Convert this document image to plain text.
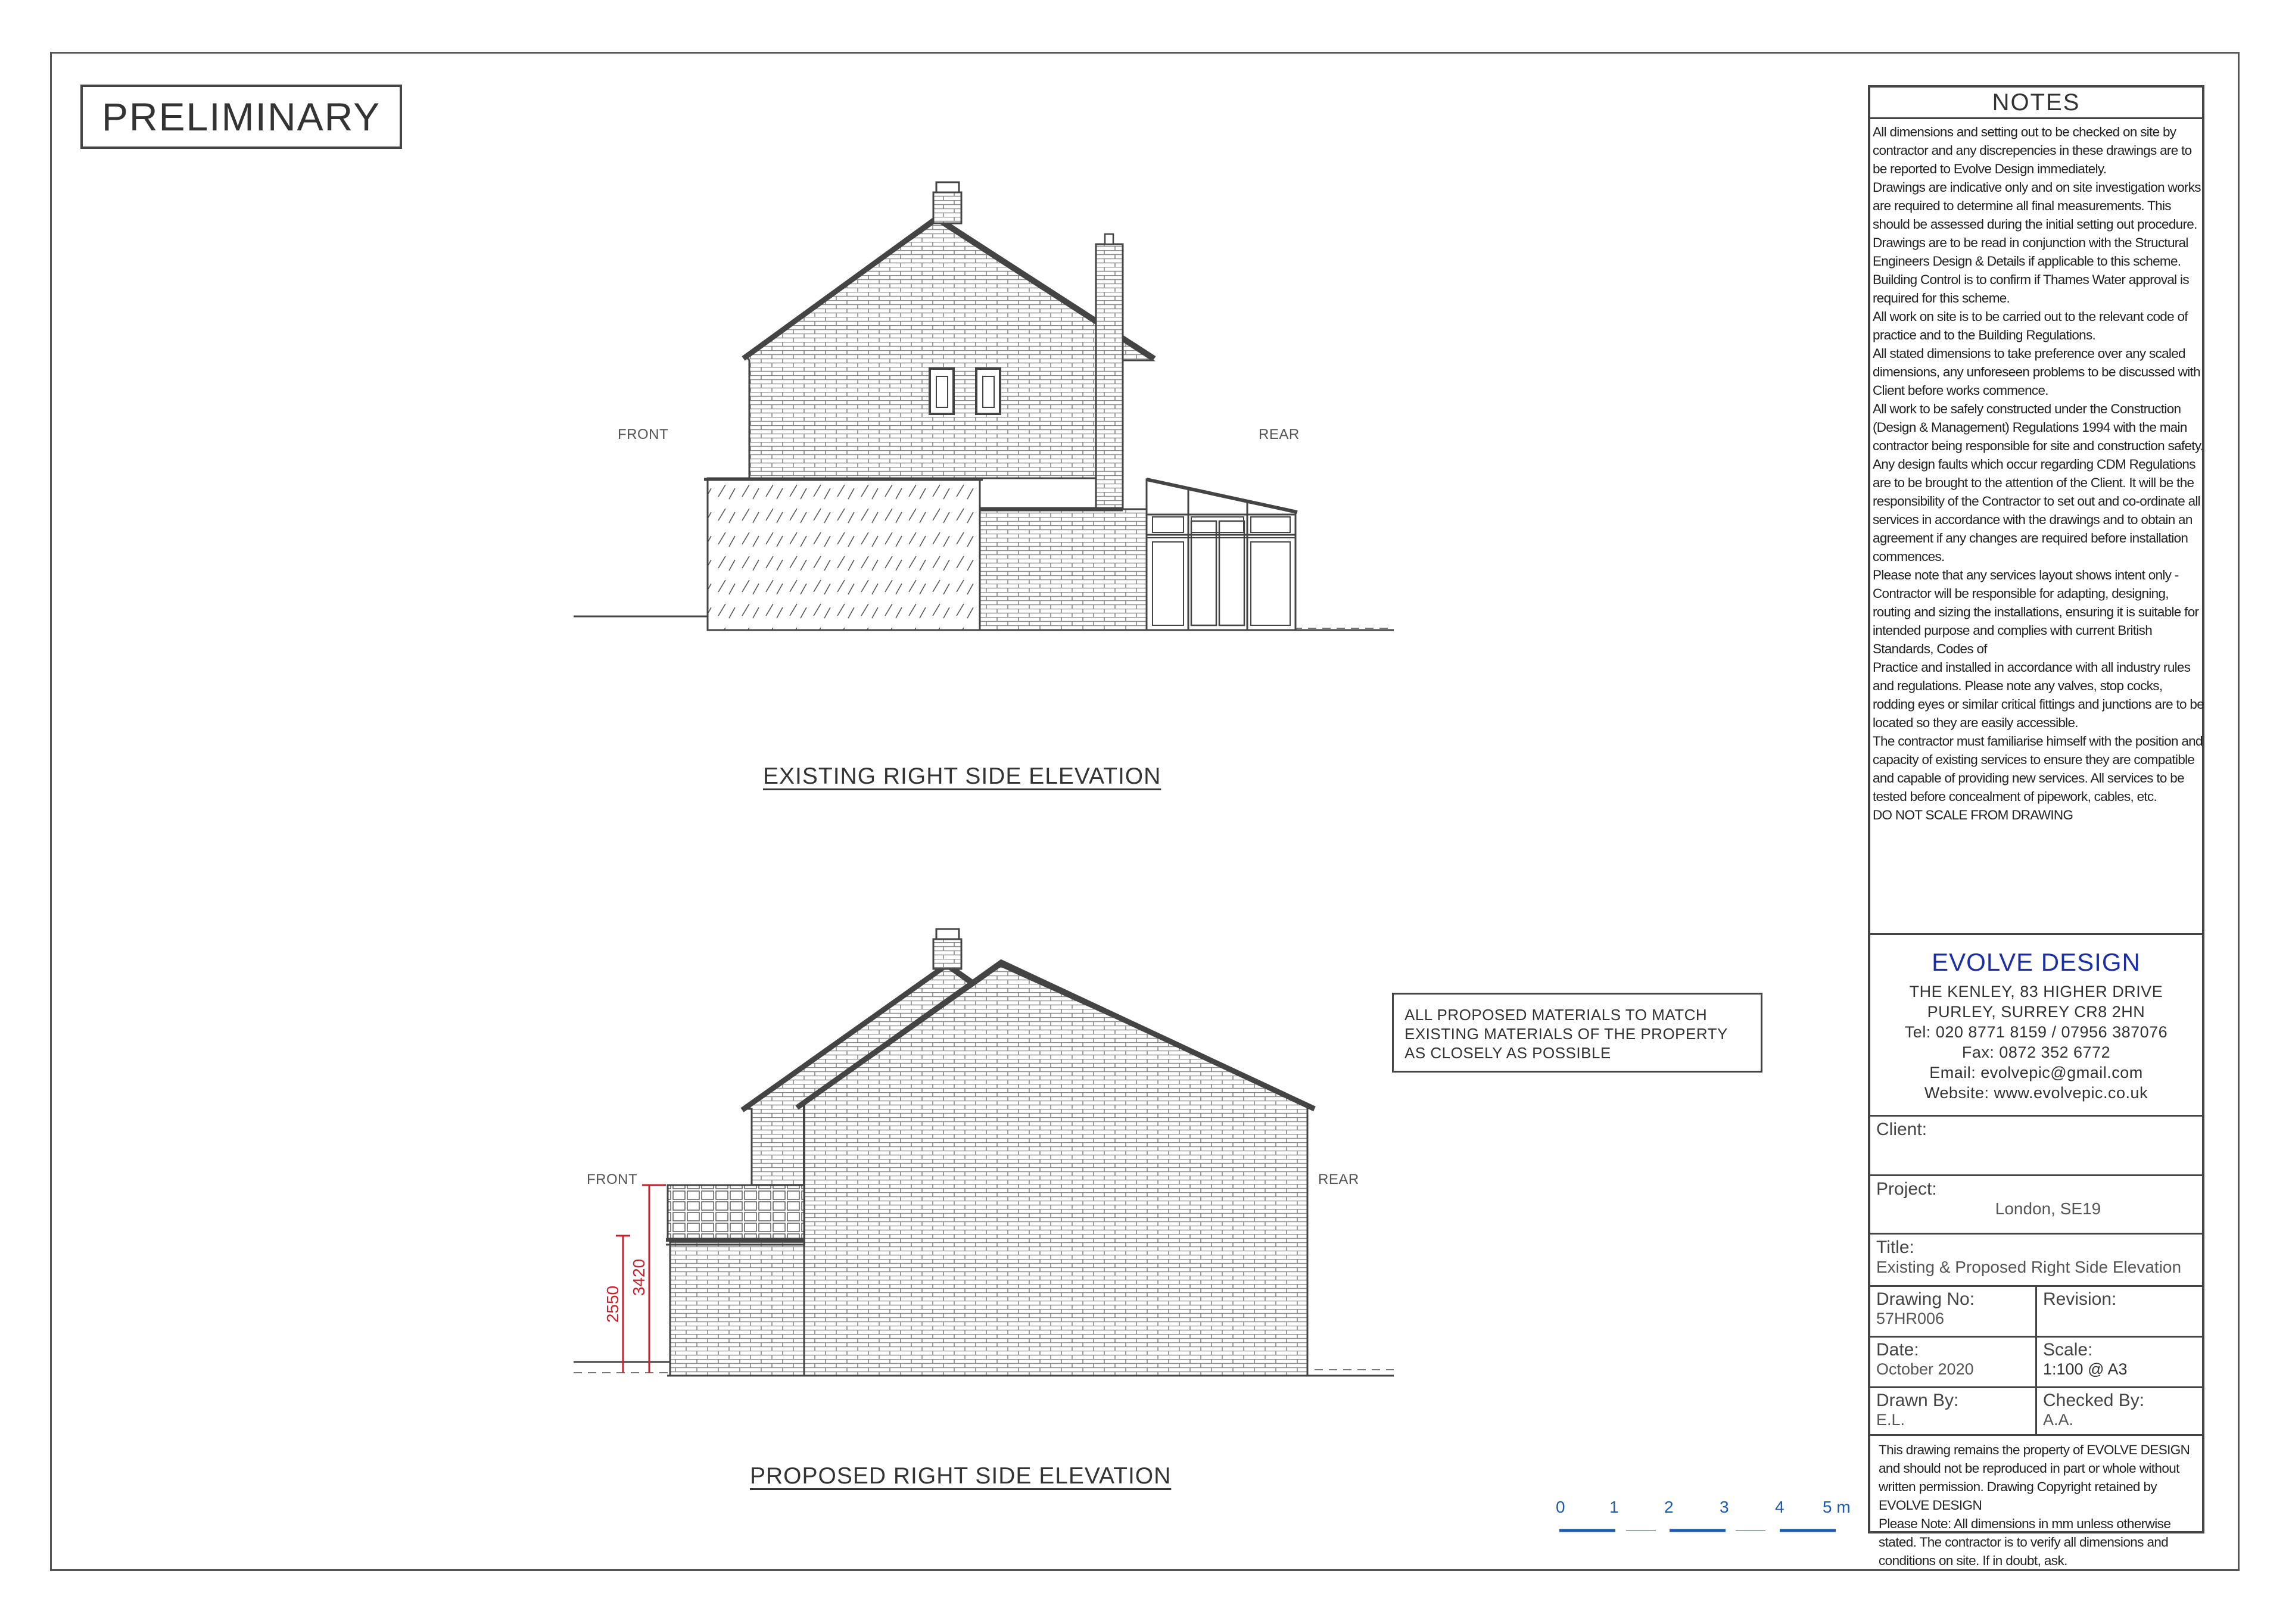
PRELIMINARY
2550
3420
FRONT	REAR
EXISTING RIGHT SIDE ELEVATION
FRONT	REAR
PROPOSED RIGHT SIDE ELEVATION
ALL PROPOSED MATERIALS TO MATCH
EXISTING MATERIALS OF THE PROPERTY
AS CLOSELY AS POSSIBLE
0	1	2	3	4 5 m
NOTES
All dimensions and setting out to be checked on site by
contractor and any discrepencies in these drawings are to
be reported to Evolve Design immediately.
Drawings are indicative only and on site investigation works
are required to determine all final measurements. This
should be assessed during the initial setting out procedure.
Drawings are to be read in conjunction with the Structural
Engineers Design & Details if applicable to this scheme.
Building Control is to confirm if Thames Water approval is
required for this scheme.
All work on site is to be carried out to the relevant code of
practice and to the Building Regulations.
All stated dimensions to take preference over any scaled
dimensions, any unforeseen problems to be discussed with
Client before works commence.
All work to be safely constructed under the Construction
(Design & Management) Regulations 1994 with the main
contractor being responsible for site and construction safety.
Any design faults which occur regarding CDM Regulations
are to be brought to the attention of the Client. It will be the
responsibility of the Contractor to set out and co-ordinate all
services in accordance with the drawings and to obtain an
agreement if any changes are required before installation
commences.
Please note that any services layout shows intent only -
Contractor will be responsible for adapting, designing,
routing and sizing the installations, ensuring it is suitable for
intended purpose and complies with current British
Standards, Codes of
Practice and installed in accordance with all industry rules
and regulations. Please note any valves, stop cocks,
rodding eyes or similar critical fittings and junctions are to be
located so they are easily accessible.
The contractor must familiarise himself with the position and
capacity of existing services to ensure they are compatible
and capable of providing new services. All services to be
tested before concealment of pipework, cables, etc.
DO NOT SCALE FROM DRAWING
EVOLVE DESIGN
THE KENLEY, 83 HIGHER DRIVE
PURLEY, SURREY CR8 2HN
Tel: 020 8771 8159 / 07956 387076
Fax: 0872 352 6772
Email: evolvepic@gmail.com
Website: www.evolvepic.co.uk
Client:
Project:
London, SE19
Title:
Existing & Proposed Right Side Elevation
Drawing No:
57HR006
Revision:
Date:
October 2020
Scale:
1:100 @ A3
Drawn By:
E.L.
Checked By:
A.A.
This drawing remains the property of EVOLVE DESIGN
and should not be reproduced in part or whole without
written permission. Drawing Copyright retained by
EVOLVE DESIGN
Please Note: All dimensions in mm unless otherwise
stated. The contractor is to verify all dimensions and
conditions on site. If in doubt, ask.
